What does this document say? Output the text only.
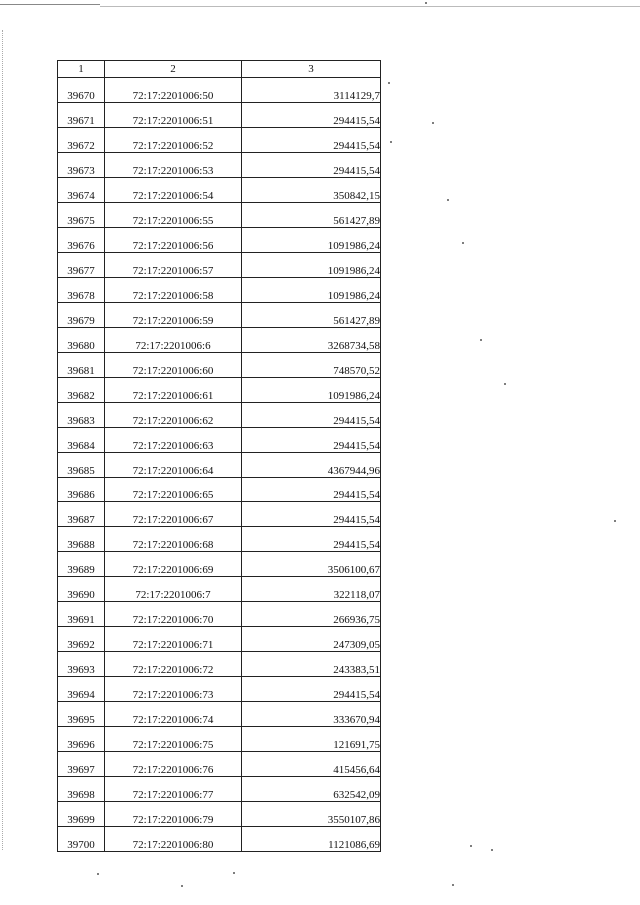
1	2	3
39670	72:17:2201006:50	3114129,7
39671	72:17:2201006:51	294415,54
39672	72:17:2201006:52	294415,54
39673	72:17:2201006:53	294415,54
39674	72:17:2201006:54	350842,15
39675	72:17:2201006:55	561427,89
39676	72:17:2201006:56	1091986,24
39677	72:17:2201006:57	1091986,24
39678	72:17:2201006:58	1091986,24
39679	72:17:2201006:59	561427,89
39680	72:17:2201006:6	3268734,58
39681	72:17:2201006:60	748570,52
39682	72:17:2201006:61	1091986,24
39683	72:17:2201006:62	294415,54
39684	72:17:2201006:63	294415,54
39685	72:17:2201006:64	4367944,96
39686	72:17:2201006:65	294415,54
39687	72:17:2201006:67	294415,54
39688	72:17:2201006:68	294415,54
39689	72:17:2201006:69	3506100,67
39690	72:17:2201006:7	322118,07
39691	72:17:2201006:70	266936,75
39692	72:17:2201006:71	247309,05
39693	72:17:2201006:72	243383,51
39694	72:17:2201006:73	294415,54
39695	72:17:2201006:74	333670,94
39696	72:17:2201006:75	121691,75
39697	72:17:2201006:76	415456,64
39698	72:17:2201006:77	632542,09
39699	72:17:2201006:79	3550107,86
39700	72:17:2201006:80	1121086,69
